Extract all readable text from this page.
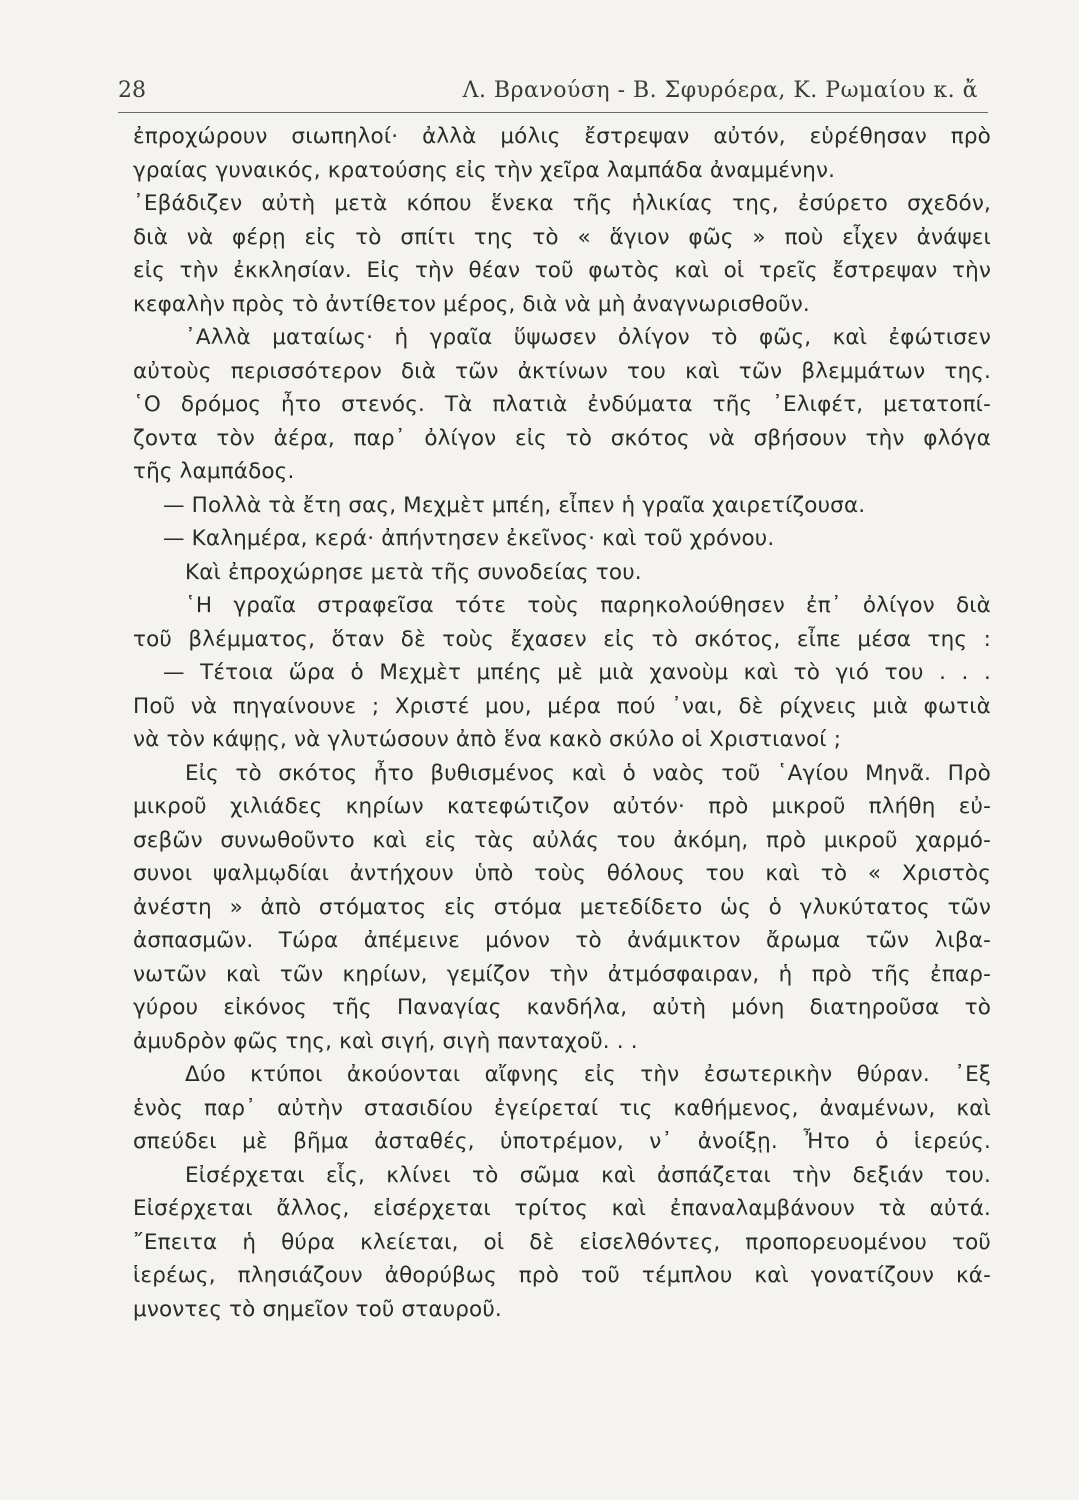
28	Λ. Βρανούση - Β. Σφυρόερα, Κ. Ρωμαίου κ. ἄ
ἐπροχώρουν σιωπηλοί· ἀλλὰ μόλις ἔστρεψαν αὐτόν, εὑρέθησαν πρὸ
γραίας γυναικός, κρατούσης εἰς τὴν χεῖρα λαμπάδα ἀναμμένην.
᾿Εβάδιζεν αὐτὴ μετὰ κόπου ἕνεκα τῆς ἡλικίας της, ἐσύρετο σχεδόν,
διὰ νὰ φέρῃ εἰς τὸ σπίτι της τὸ « ἅγιον φῶς » ποὺ εἶχεν ἀνάψει
εἰς τὴν ἐκκλησίαν. Εἰς τὴν θέαν τοῦ φωτὸς καὶ οἱ τρεῖς ἔστρεψαν τὴν
κεφαλὴν πρὸς τὸ ἀντίθετον μέρος, διὰ νὰ μὴ ἀναγνωρισθοῦν.
᾿Αλλὰ ματαίως· ἡ γραῖα ὕψωσεν ὀλίγον τὸ φῶς, καὶ ἐφώτισεν
αὐτοὺς περισσότερον διὰ τῶν ἀκτίνων του καὶ τῶν βλεμμάτων της.
῾Ο δρόμος ἦτο στενός. Τὰ πλατιὰ ἐνδύματα τῆς ᾿Ελιφέτ, μετατοπί-
ζοντα τὸν ἀέρα, παρ᾿ ὀλίγον εἰς τὸ σκότος νὰ σβήσουν τὴν φλόγα
τῆς λαμπάδος.
— Πολλὰ τὰ ἔτη σας, Μεχμὲτ μπέη, εἶπεν ἡ γραῖα χαιρετίζουσα.
— Καλημέρα, κερά· ἀπήντησεν ἐκεῖνος· καὶ τοῦ χρόνου.
Καὶ ἐπροχώρησε μετὰ τῆς συνοδείας του.
῾Η γραῖα στραφεῖσα τότε τοὺς παρηκολούθησεν ἐπ᾿ ὀλίγον διὰ
τοῦ βλέμματος, ὅταν δὲ τοὺς ἔχασεν εἰς τὸ σκότος, εἶπε μέσα της :
— Τέτοια ὥρα ὁ Μεχμὲτ μπέης μὲ μιὰ χανοὺμ καὶ τὸ γιό του . . .
Ποῦ νὰ πηγαίνουνε ; Χριστέ μου, μέρα πού ᾿ναι, δὲ ρίχνεις μιὰ φωτιὰ
νὰ τὸν κάψῃς, νὰ γλυτώσουν ἀπὸ ἕνα κακὸ σκύλο οἱ Χριστιανοί ;
Εἰς τὸ σκότος ἦτο βυθισμένος καὶ ὁ ναὸς τοῦ ῾Αγίου Μηνᾶ. Πρὸ
μικροῦ χιλιάδες κηρίων κατεφώτιζον αὐτόν· πρὸ μικροῦ πλήθη εὐ-
σεβῶν συνωθοῦντο καὶ εἰς τὰς αὐλάς του ἀκόμη, πρὸ μικροῦ χαρμό-
συνοι ψαλμῳδίαι ἀντήχουν ὑπὸ τοὺς θόλους του καὶ τὸ « Χριστὸς
ἀνέστη » ἀπὸ στόματος εἰς στόμα μετεδίδετο ὡς ὁ γλυκύτατος τῶν
ἀσπασμῶν. Τώρα ἀπέμεινε μόνον τὸ ἀνάμικτον ἄρωμα τῶν λιβα-
νωτῶν καὶ τῶν κηρίων, γεμίζον τὴν ἀτμόσφαιραν, ἡ πρὸ τῆς ἐπαρ-
γύρου εἰκόνος τῆς Παναγίας κανδήλα, αὐτὴ μόνη διατηροῦσα τὸ
ἀμυδρὸν φῶς της, καὶ σιγή, σιγὴ πανταχοῦ. . .
Δύο κτύποι ἀκούονται αἴφνης εἰς τὴν ἐσωτερικὴν θύραν. ᾿Εξ
ἑνὸς παρ᾿ αὐτὴν στασιδίου ἐγείρεταί τις καθήμενος, ἀναμένων, καὶ
σπεύδει μὲ βῆμα ἀσταθές, ὑποτρέμον, ν᾿ ἀνοίξῃ. Ἦτο ὁ ἱερεύς.
Εἰσέρχεται εἷς, κλίνει τὸ σῶμα καὶ ἀσπάζεται τὴν δεξιάν του.
Εἰσέρχεται ἄλλος, εἰσέρχεται τρίτος καὶ ἐπαναλαμβάνουν τὰ αὐτά.
῎Επειτα ἡ θύρα κλείεται, οἱ δὲ εἰσελθόντες, προπορευομένου τοῦ
ἱερέως, πλησιάζουν ἀθορύβως πρὸ τοῦ τέμπλου καὶ γονατίζουν κά-
μνοντες τὸ σημεῖον τοῦ σταυροῦ.
